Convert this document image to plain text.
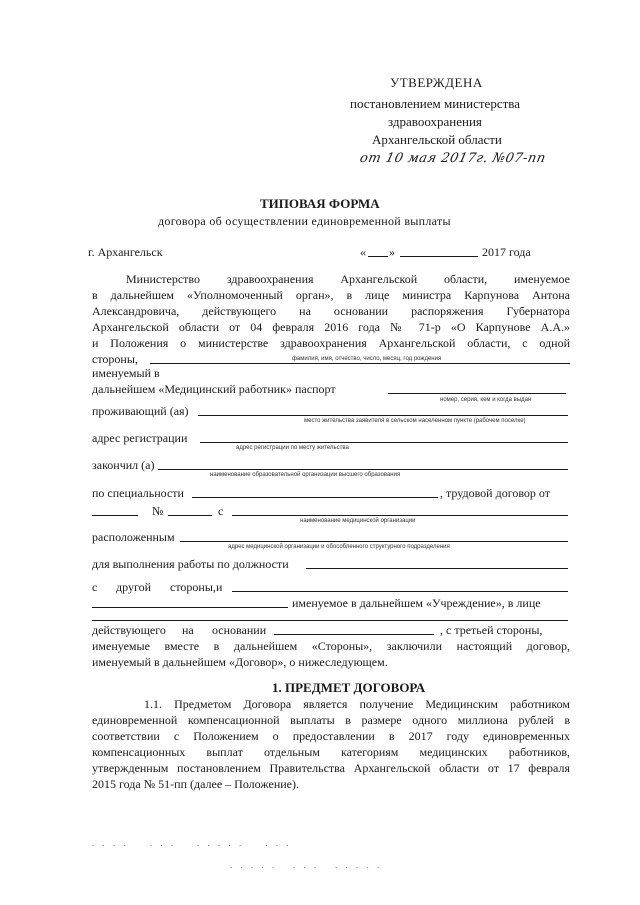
УТВЕРЖДЕНА
постановлением министерства
здравоохранения
Архангельской области
от 10 мая 2017г. №07-пп
ТИПОВАЯ ФОРМА
договора об осуществлении единовременной выплаты
г. Архангельск	« »	2017 года
Министерство здравоохранения Архангельской области, именуемое
в дальнейшем «Уполномоченный орган», в лице министра Карпунова Антона
Александровича, действующего на основании распоряжения Губернатора
Архангельской области от 04 февраля 2016 года № 71-р «О Карпунове А.А.»
и Положения о министерстве здравоохранения Архангельской области, с одной
стороны,	фамилия, имя, отчество, число, месяц, год рождения
именуемый в
дальнейшем «Медицинский работник» паспорт
номер, серия, кем и когда выдан
проживающий (ая)
место жительства заявителя в сельском населенном пункте (рабочем поселке)
адрес регистрации
адрес регистрации по месту жительства
закончил (а)
наименование образовательной организации высшего образования
по специальности	, трудовой договор от
№	с
наименование медицинской организации
расположенным
адрес медицинской организации и обособленного структурного подразделения
для выполнения работы по должности
с другой стороны, и
именуемое в дальнейшем «Учреждение», в лице
действующего на основании	, с третьей стороны,
именуемые вместе в дальнейшем «Стороны», заключили настоящий договор,
именуемый в дальнейшем «Договор», о нижеследующем.
1. ПРЕДМЕТ ДОГОВОРА
1.1. Предметом Договора является получение Медицинским работником
единовременной компенсационной выплаты в размере одного миллиона рублей в
соответствии с Положением о предоставлении в 2017 году единовременных
компенсационных выплат отдельным категориям медицинских работников,
утвержденным постановлением Правительства Архангельской области от 17 февраля
2015 года № 51-пп (далее – Положение).
. . . .    . . .    . . . . .    . . .
. . . . .   . . .   . . . . .
